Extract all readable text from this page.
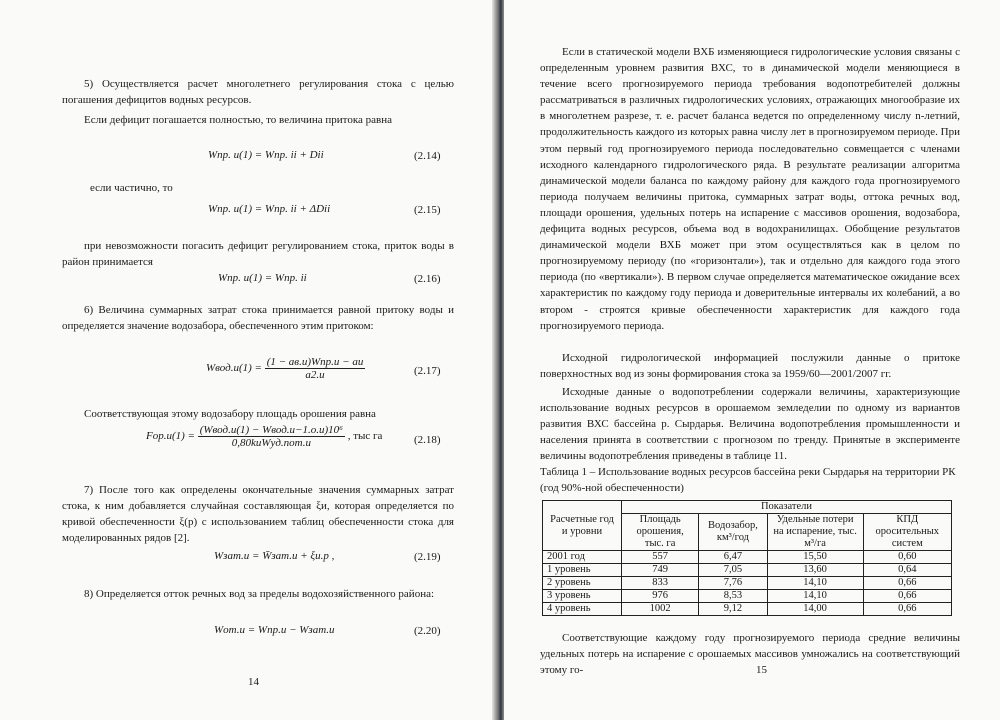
5) Осуществляется расчет многолетнего регулирования стока с целью погашения дефицитов водных ресурсов.
Если дефицит погашается полностью, то величина притока равна
Wпр. и(1) = Wпр. ii + Dii	(2.14)
если частично, то
Wпр. и(1) = Wпр. ii + ΔDii	(2.15)
при невозможности погасить дефицит регулированием стока, приток воды в район принимается
Wпр. и(1) = Wпр. ii	(2.16)
6) Величина суммарных затрат стока принимается равной притоку воды и определяется значение водозабора, обеспеченного этим притоком:
Wвод.и(1) = $\frac{\text{(1 − aв.и)Wпр.и − aи}}{a2.и}$	(2.17)
Соответствующая этому водозабору площадь орошения равна
$Fор.и(1) = \frac{\text{(Wвод.и(1) − Wвод.и−1.о.и)10⁶}}{\text{0,80kиWуд.пот.и}}$ , тыс га	(2.18)
7) После того как определены окончательные значения суммарных затрат стока, к ним добавляется случайная составляющая ξи, которая определяется по кривой обеспеченности ξ(p) с использованием таблиц обеспеченности стока для моделированных рядов [2].
Wзат.и = W̄зат.и + ξи.p ,	(2.19)
8) Определяется отток речных вод за пределы водохозяйственного района:
Wот.и = Wпр.и − Wзат.и	(2.20)
14
Если в статической модели ВХБ изменяющиеся гидрологические условия связаны с определенным уровнем развития ВХС, то в динамической модели меняющиеся в течение всего прогнозируемого периода требования водопотребителей должны рассматриваться в различных гидрологических условиях, отражающих многообразие их в многолетнем разрезе, т. е. расчет баланса ведется по определенному числу n-летний, продолжительность каждого из которых равна числу лет в прогнозируемом периоде. При этом первый год прогнозируемого периода последовательно совмещается с членами исходного календарного гидрологического ряда. В результате реализации алгоритма динамической модели баланса по каждому району для каждого года прогнозируемого периода получаем величины притока, суммарных затрат воды, оттока речных вод, площади орошения, удельных потерь на испарение с массивов орошения, водозабора, дефицита водных ресурсов, объема вод в водохранилищах. Обобщение результатов динамической модели ВХБ может при этом осуществляться как в целом по прогнозируемому периоду (по «горизонтали»), так и отдельно для каждого года этого периода (по «вертикали»). В первом случае определяется математическое ожидание всех характеристик по каждому году периода и доверительные интервалы их колебаний, а во втором - строятся кривые обеспеченности характеристик для каждого года прогнозируемого периода.
Исходной гидрологической информацией послужили данные о притоке поверхностных вод из зоны формирования стока за 1959/60—2001/2007 гг.
Исходные данные о водопотреблении содержали величины, характеризующие использование водных ресурсов в орошаемом земледелии по одному из вариантов развития ВХС бассейна р. Сырдарья. Величина водопотребления промышленности и населения принята в соответствии с прогнозом по тренду. Принятые в эксперименте величины водопотребления приведены в таблице 11.
Таблица 1 – Использование водных ресурсов бассейна реки Сырдарья на территории РК (год 90%-ной обеспеченности)
Расчетные год и уровни	Показатели			
	Площадь орошения, тыс. га	Водозабор, км³/год	Удельные потери на испарение, тыс. м³/га	КПД оросительных систем
2001 год	557	6,47	15,50	0,60
1 уровень	749	7,05	13,60	0,64
2 уровень	833	7,76	14,10	0,66
3 уровень	976	8,53	14,10	0,66
4 уровень	1002	9,12	14,00	0,66
Соответствующие каждому году прогнозируемого периода средние величины удельных потерь на испарение с орошаемых массивов умножались на соответствующий этому го-	15
